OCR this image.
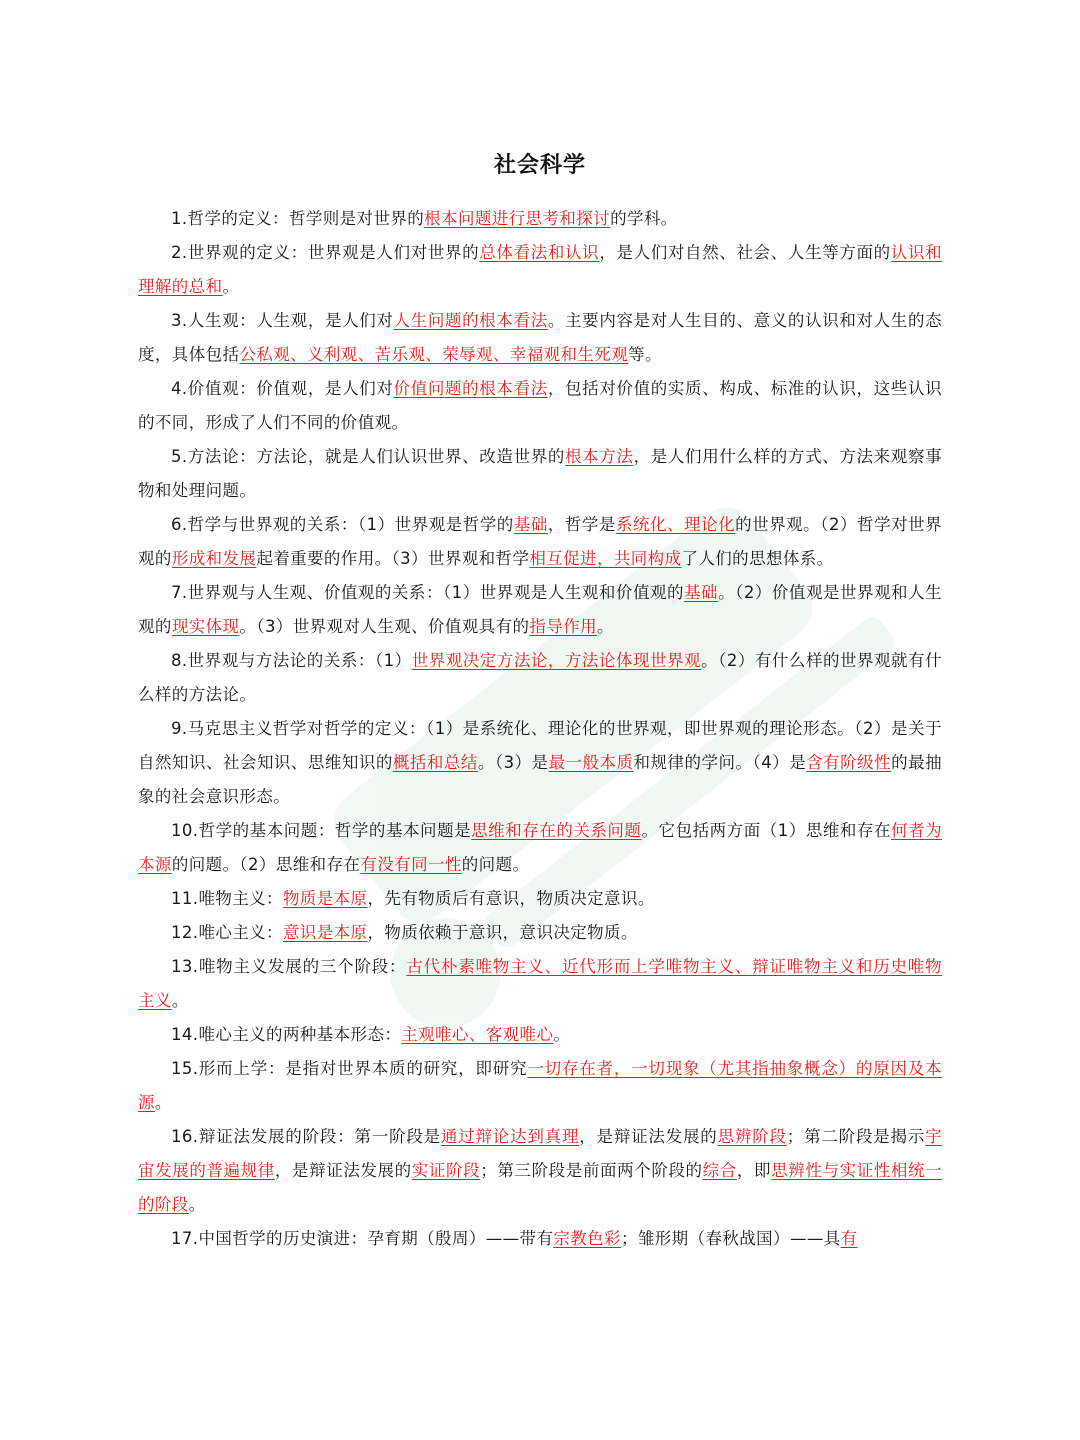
社会科学

1.哲学的定义：哲学则是对世界的根本问题进行思考和探讨的学科。

2.世界观的定义：世界观是人们对世界的总体看法和认识，是人们对自然、社会、人生等方面的认识和理解的总和。

3.人生观：人生观，是人们对人生问题的根本看法。主要内容是对人生目的、意义的认识和对人生的态度，具体包括公私观、义利观、苦乐观、荣辱观、幸福观和生死观等。

4.价值观：价值观，是人们对价值问题的根本看法，包括对价值的实质、构成、标准的认识，这些认识的不同，形成了人们不同的价值观。

5.方法论：方法论，就是人们认识世界、改造世界的根本方法，是人们用什么样的方式、方法来观察事物和处理问题。

6.哲学与世界观的关系：（1）世界观是哲学的基础，哲学是系统化、理论化的世界观。（2）哲学对世界观的形成和发展起着重要的作用。（3）世界观和哲学相互促进，共同构成了人们的思想体系。

7.世界观与人生观、价值观的关系：（1）世界观是人生观和价值观的基础。（2）价值观是世界观和人生观的现实体现。（3）世界观对人生观、价值观具有的指导作用。

8.世界观与方法论的关系：（1）世界观决定方法论，方法论体现世界观。（2）有什么样的世界观就有什么样的方法论。

9.马克思主义哲学对哲学的定义：（1）是系统化、理论化的世界观，即世界观的理论形态。（2）是关于自然知识、社会知识、思维知识的概括和总结。（3）是最一般本质和规律的学问。（4）是含有阶级性的最抽象的社会意识形态。

10.哲学的基本问题：哲学的基本问题是思维和存在的关系问题。它包括两方面（1）思维和存在何者为本源的问题。（2）思维和存在有没有同一性的问题。

11.唯物主义：物质是本原，先有物质后有意识，物质决定意识。

12.唯心主义：意识是本原，物质依赖于意识，意识决定物质。

13.唯物主义发展的三个阶段：古代朴素唯物主义、近代形而上学唯物主义、辩证唯物主义和历史唯物主义。

14.唯心主义的两种基本形态：主观唯心、客观唯心。

15.形而上学：是指对世界本质的研究，即研究一切存在者，一切现象（尤其指抽象概念）的原因及本源。

16.辩证法发展的阶段：第一阶段是通过辩论达到真理，是辩证法发展的思辨阶段；第二阶段是揭示宇宙发展的普遍规律，是辩证法发展的实证阶段；第三阶段是前面两个阶段的综合，即思辨性与实证性相统一的阶段。

17.中国哲学的历史演进：孕育期（殷周）——带有宗教色彩；雏形期（春秋战国）——具有
